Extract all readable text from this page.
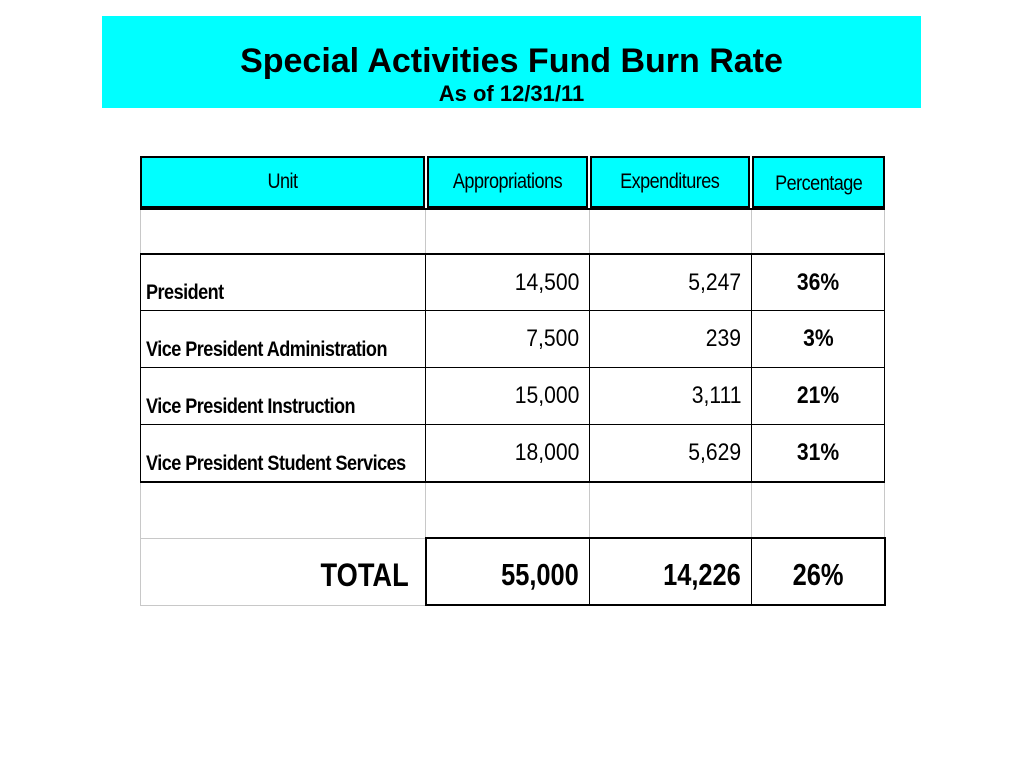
Special Activities Fund Burn Rate
As of 12/31/11
Unit	Appropriations	Expenditures	Percentage
President	14,500	5,247 36%
Vice President Administration	7,500	239	3%
Vice President Instruction	15,000	3,111 21%
Vice President Student Services	18,000	5,629 31%
TOTAL	55,000	14,226 26%
